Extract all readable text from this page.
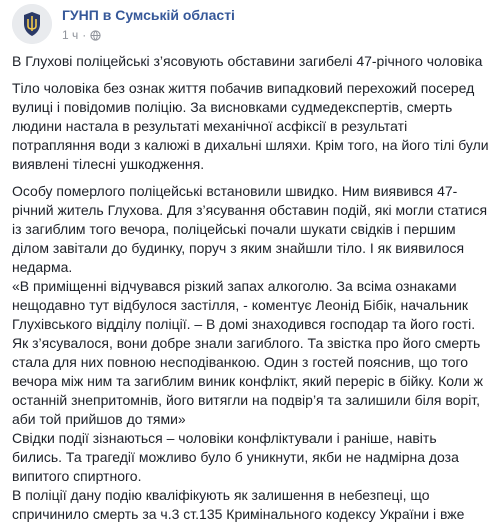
ГУНП в Сумській області
1 ч ·

В Глухові поліцейські з’ясовують обставини загибелі 47-річного чоловіка

Тіло чоловіка без ознак життя побачив випадковий перехожий посеред вулиці і повідомив поліцію. За висновками судмедекспертів, смерть людини настала в результаті механічної асфіксії в результаті потрапляння води з калюжі в дихальні шляхи. Крім того, на його тілі були виявлені тілесні ушкодження.

Особу померлого поліцейські встановили швидко. Ним виявився 47-річний житель Глухова. Для з’ясування обставин подій, які могли статися із загиблим того вечора, поліцейські почали шукати свідків і першим ділом завітали до будинку, поруч з яким знайшли тіло. І як виявилося недарма.

«В приміщенні відчувався різкий запах алкоголю. За всіма ознаками нещодавно тут відбулося застілля, - коментує Леонід Бібік, начальник Глухівського відділу поліції. – В домі знаходився господар та його гості. Як з’ясувалося, вони добре знали загиблого. Та звістка про його смерть стала для них повною несподіванкою. Один з гостей пояснив, що того вечора між ним та загиблим виник конфлікт, який переріс в бійку. Коли ж останній знепритомнів, його витягли на подвір’я та залишили біля воріт, аби той прийшов до тями»

Свідки події зізнаються – чоловіки конфліктували і раніше, навіть бились. Та трагедії можливо було б уникнути, якби не надмірна доза випитого спиртного.

В поліції дану подію кваліфікують як залишення в небезпеці, що спричинило смерть за ч.3 ст.135 Кримінального кодексу України і вже
